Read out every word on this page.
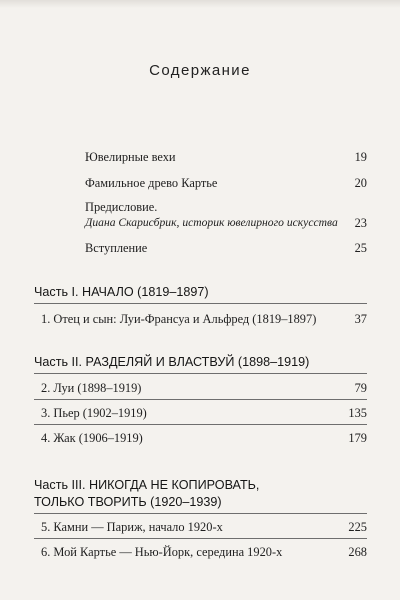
Содержание
Ювелирные вехи	19
Фамильное древо Картье	20
Предисловие.
Диана Скарисбрик, историк ювелирного искусства 23
Вступление	25
Часть I. НАЧАЛО (1819–1897)
1. Отец и сын: Луи-Франсуа и Альфред (1819–1897)	37
Часть II. РАЗДЕЛЯЙ И ВЛАСТВУЙ (1898–1919)
2. Луи (1898–1919)	79
3. Пьер (1902–1919)	135
4. Жак (1906–1919)	179
Часть III. НИКОГДА НЕ КОПИРОВАТЬ,
ТОЛЬКО ТВОРИТЬ (1920–1939)
5. Камни — Париж, начало 1920-х	225
6. Мой Картье — Нью-Йорк, середина 1920-х	268
